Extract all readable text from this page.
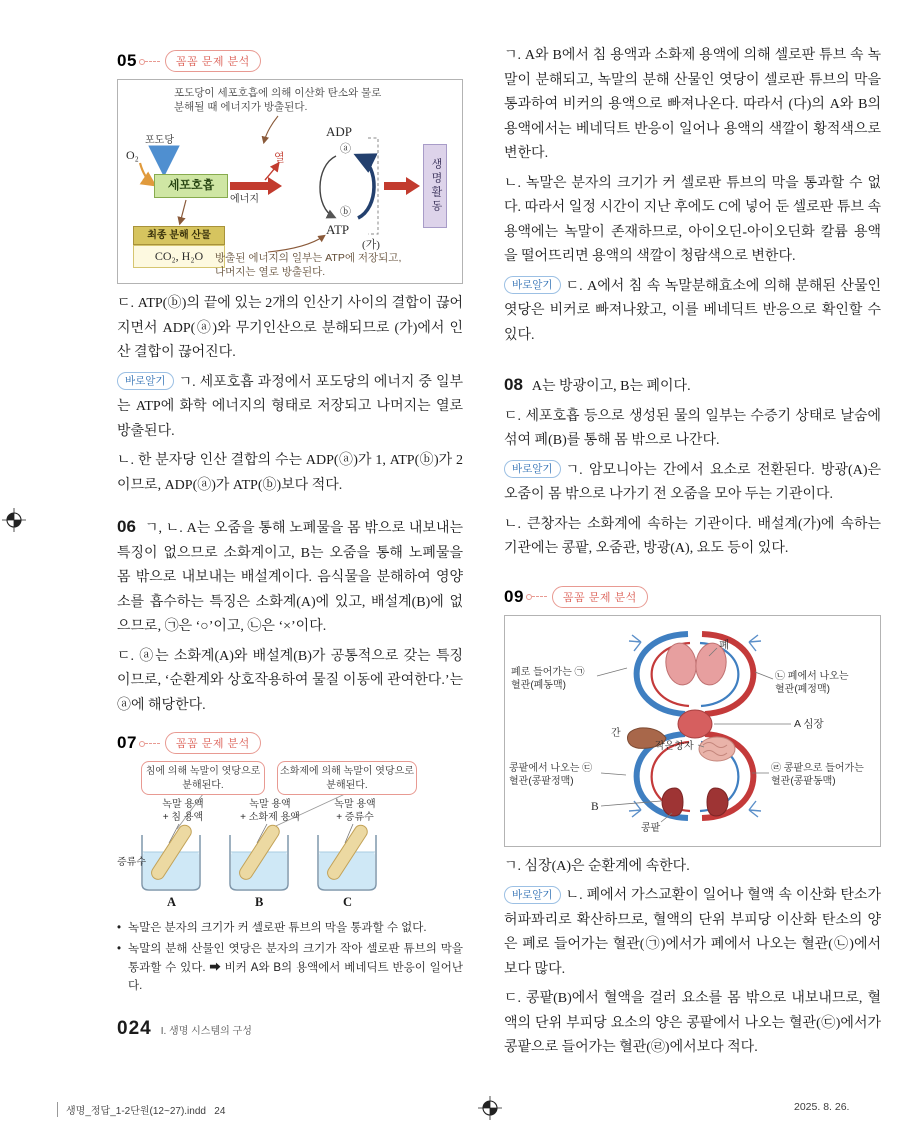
05	꼼꼼 문제 분석
포도당이 세포호흡에 의해 이산화 탄소와 물로 분해될 때 에너지가 방출된다.
포도당
O₂
세포호흡
에너지
열
ADP
ⓐ
ⓑ
ATP
(가)
생명활동
최종 분해 산물
CO₂, H₂O	방출된 에너지의 일부는 ATP에 저장되고, 나머지는 열로 방출된다.

ㄷ. ATP(ⓑ)의 끝에 있는 2개의 인산기 사이의 결합이 끊어지면서 ADP(ⓐ)와 무기인산으로 분해되므로 (가)에서 인산 결합이 끊어진다.

바로알기 ㄱ. 세포호흡 과정에서 포도당의 에너지 중 일부는 ATP에 화학 에너지의 형태로 저장되고 나머지는 열로 방출된다.

ㄴ. 한 분자당 인산 결합의 수는 ADP(ⓐ)가 1, ATP(ⓑ)가 2이므로, ADP(ⓐ)가 ATP(ⓑ)보다 적다.

06 ㄱ, ㄴ. A는 오줌을 통해 노폐물을 몸 밖으로 내보내는 특징이 없으므로 소화계이고, B는 오줌을 통해 노폐물을 몸 밖으로 내보내는 배설계이다. 음식물을 분해하여 영양소를 흡수하는 특징은 소화계(A)에 있고, 배설계(B)에 없으므로, ㉠은 ‘○’이고, ㉡은 ‘×’이다.

ㄷ. ⓐ는 소화계(A)와 배설계(B)가 공통적으로 갖는 특징이므로, ‘순환계와 상호작용하여 물질 이동에 관여한다.’는 ⓐ에 해당한다.

07	꼼꼼 문제 분석
침에 의해 녹말이 엿당으로 분해된다.
소화제에 의해 녹말이 엿당으로 분해된다.
녹말 용액
+ 침 용액
녹말 용액
+ 소화제 용액
녹말 용액
+ 증류수
증류수
A	B	C
• 녹말은 분자의 크기가 커 셀로판 튜브의 막을 통과할 수 없다.
• 녹말의 분해 산물인 엿당은 분자의 크기가 작아 셀로판 튜브의 막을 통과할 수 있다. ➡ 비커 A와 B의 용액에서 베네딕트 반응이 일어난다.

ㄱ. A와 B에서 침 용액과 소화제 용액에 의해 셀로판 튜브 속 녹말이 분해되고, 녹말의 분해 산물인 엿당이 셀로판 튜브의 막을 통과하여 비커의 용액으로 빠져나온다. 따라서 (다)의 A와 B의 용액에서는 베네딕트 반응이 일어나 용액의 색깔이 황적색으로 변한다.

ㄴ. 녹말은 분자의 크기가 커 셀로판 튜브의 막을 통과할 수 없다. 따라서 일정 시간이 지난 후에도 C에 넣어 둔 셀로판 튜브 속 용액에는 녹말이 존재하므로, 아이오딘-아이오딘화 칼륨 용액을 떨어뜨리면 용액의 색깔이 청람색으로 변한다.

바로알기 ㄷ. A에서 침 속 녹말분해효소에 의해 분해된 산물인 엿당은 비커로 빠져나왔고, 이를 베네딕트 반응으로 확인할 수 있다.

08 A는 방광이고, B는 폐이다.

ㄷ. 세포호흡 등으로 생성된 물의 일부는 수증기 상태로 날숨에 섞여 폐(B)를 통해 몸 밖으로 나간다.

바로알기 ㄱ. 암모니아는 간에서 요소로 전환된다. 방광(A)은 오줌이 몸 밖으로 나가기 전 오줌을 모아 두는 기관이다.

ㄴ. 큰창자는 소화계에 속하는 기관이다. 배설계(가)에 속하는 기관에는 콩팥, 오줌관, 방광(A), 요도 등이 있다.

09	꼼꼼 문제 분석
폐
폐로 들어가는 ㉠
혈관(폐동맥)
㉡ 폐에서 나오는
혈관(폐정맥)
A 심장
간
작은창자
콩팥에서 나오는 ㉢
혈관(콩팥정맥)
㉣ 콩팥으로 들어가는
혈관(콩팥동맥)
B
콩팥

ㄱ. 심장(A)은 순환계에 속한다.

바로알기 ㄴ. 폐에서 가스교환이 일어나 혈액 속 이산화 탄소가 허파꽈리로 확산하므로, 혈액의 단위 부피당 이산화 탄소의 양은 폐로 들어가는 혈관(㉠)에서가 폐에서 나오는 혈관(㉡)에서보다 많다.

ㄷ. 콩팥(B)에서 혈액을 걸러 요소를 몸 밖으로 내보내므로, 혈액의 단위 부피당 요소의 양은 콩팥에서 나오는 혈관(㉢)에서가 콩팥으로 들어가는 혈관(㉣)에서보다 적다.

024 I. 생명 시스템의 구성
생명_정답_1-2단원(12~27).indd   24	2025. 8. 26.
